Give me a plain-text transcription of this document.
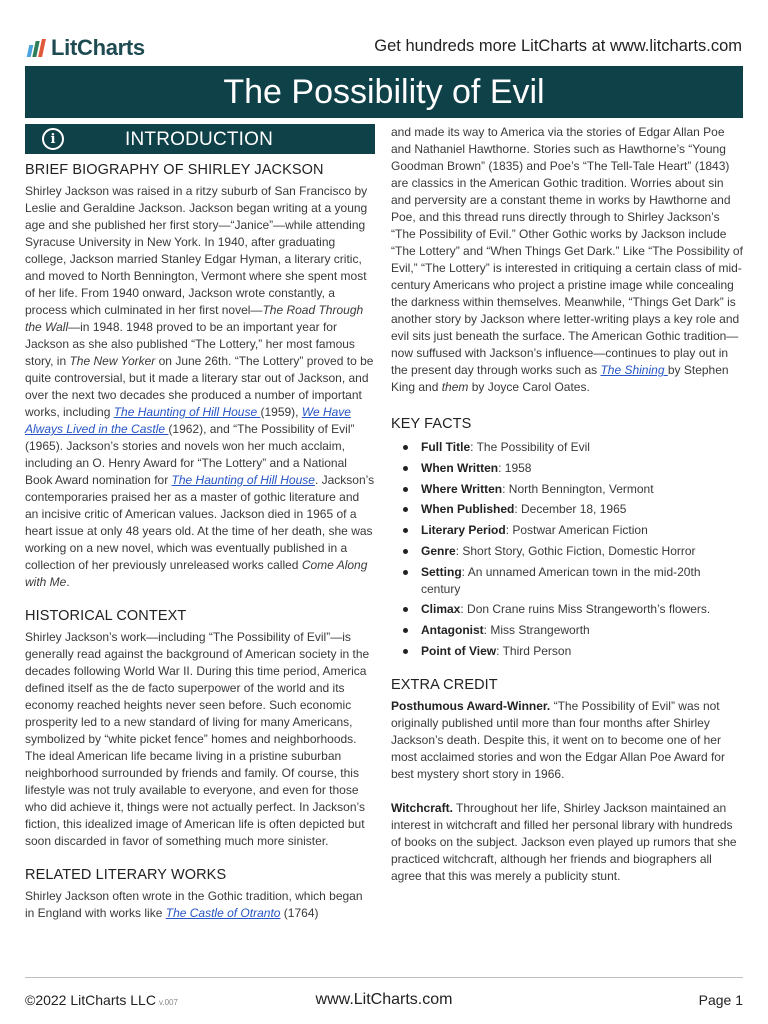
LitCharts	Get hundreds more LitCharts at www.litcharts.com
The Possibility of Evil
i	INTRODUCTION
BRIEF BIOGRAPHY OF SHIRLEY JACKSON

Shirley Jackson was raised in a ritzy suburb of San Francisco by Leslie and Geraldine Jackson. Jackson began writing at a young age and she published her first story—“Janice”—while attending Syracuse University in New York. In 1940, after graduating college, Jackson married Stanley Edgar Hyman, a literary critic, and moved to North Bennington, Vermont where she spent most of her life. From 1940 onward, Jackson wrote constantly, a process which culminated in her first novel—The Road Through the Wall—in 1948. 1948 proved to be an important year for Jackson as she also published “The Lottery,” her most famous story, in The New Yorker on June 26th. “The Lottery” proved to be quite controversial, but it made a literary star out of Jackson, and over the next two decades she produced a number of important works, including The Haunting of Hill House (1959), We Have Always Lived in the Castle (1962), and “The Possibility of Evil” (1965). Jackson’s stories and novels won her much acclaim, including an O. Henry Award for “The Lottery” and a National Book Award nomination for The Haunting of Hill House. Jackson’s contemporaries praised her as a master of gothic literature and an incisive critic of American values. Jackson died in 1965 of a heart issue at only 48 years old. At the time of her death, she was working on a new novel, which was eventually published in a collection of her previously unreleased works called Come Along with Me.

HISTORICAL CONTEXT

Shirley Jackson’s work—including “The Possibility of Evil”—is generally read against the background of American society in the decades following World War II. During this time period, America defined itself as the de facto superpower of the world and its economy reached heights never seen before. Such economic prosperity led to a new standard of living for many Americans, symbolized by “white picket fence” homes and neighborhoods. The ideal American life became living in a pristine suburban neighborhood surrounded by friends and family. Of course, this lifestyle was not truly available to everyone, and even for those who did achieve it, things were not actually perfect. In Jackson’s fiction, this idealized image of American life is often depicted but soon discarded in favor of something much more sinister.

RELATED LITERARY WORKS

Shirley Jackson often wrote in the Gothic tradition, which began in England with works like The Castle of Otranto (1764)

and made its way to America via the stories of Edgar Allan Poe and Nathaniel Hawthorne. Stories such as Hawthorne’s “Young Goodman Brown” (1835) and Poe’s “The Tell-Tale Heart” (1843) are classics in the American Gothic tradition. Worries about sin and perversity are a constant theme in works by Hawthorne and Poe, and this thread runs directly through to Shirley Jackson’s “The Possibility of Evil.” Other Gothic works by Jackson include “The Lottery” and “When Things Get Dark.” Like “The Possibility of Evil,” “The Lottery” is interested in critiquing a certain class of mid-century Americans who project a pristine image while concealing the darkness within themselves. Meanwhile, “Things Get Dark” is another story by Jackson where letter-writing plays a key role and evil sits just beneath the surface. The American Gothic tradition—now suffused with Jackson’s influence—continues to play out in the present day through works such as The Shining by Stephen King and them by Joyce Carol Oates.

KEY FACTS
Full Title: The Possibility of Evil
When Written: 1958
Where Written: North Bennington, Vermont
When Published: December 18, 1965
Literary Period: Postwar American Fiction
Genre: Short Story, Gothic Fiction, Domestic Horror
Setting: An unnamed American town in the mid-20th century
Climax: Don Crane ruins Miss Strangeworth’s flowers.
Antagonist: Miss Strangeworth
Point of View: Third Person
EXTRA CREDIT

Posthumous Award-Winner. “The Possibility of Evil” was not originally published until more than four months after Shirley Jackson’s death. Despite this, it went on to become one of her most acclaimed stories and won the Edgar Allan Poe Award for best mystery short story in 1966.

Witchcraft. Throughout her life, Shirley Jackson maintained an interest in witchcraft and filled her personal library with hundreds of books on the subject. Jackson even played up rumors that she practiced witchcraft, although her friends and biographers all agree that this was merely a publicity stunt.

©2022 LitCharts LLC v.007	www.LitCharts.com	Page 1
